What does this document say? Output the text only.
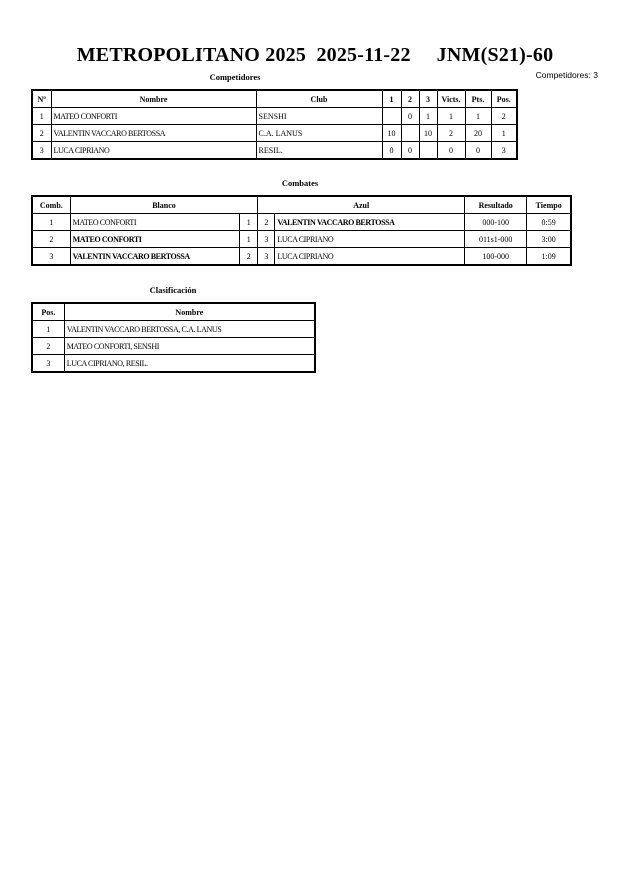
METROPOLITANO 2025  2025-11-22     JNM(S21)-60
Competidores: 3
Competidores
Nº	Nombre	Club	1	2	3	Victs.	Pts.	Pos.
1	MATEO CONFORTI	SENSHI		0	1	1	1	2
2	VALENTIN VACCARO BERTOSSA	C.A. LANUS	10		10	2	20	1
3	LUCA CIPRIANO	RESIL.	0	0		0	0	3
Combates
Comb.	Blanco		Azul		Resultado	Tiempo
1	MATEO CONFORTI	1	2	VALENTIN VACCARO BERTOSSA	000-100	0:59
2	MATEO CONFORTI	1	3	LUCA CIPRIANO	011s1-000	3:00
3	VALENTIN VACCARO BERTOSSA	2	3	LUCA CIPRIANO	100-000	1:09
Clasificación
Pos.	Nombre
1	VALENTIN VACCARO BERTOSSA, C.A. LANUS
2	MATEO CONFORTI, SENSHI
3	LUCA CIPRIANO, RESIL.
